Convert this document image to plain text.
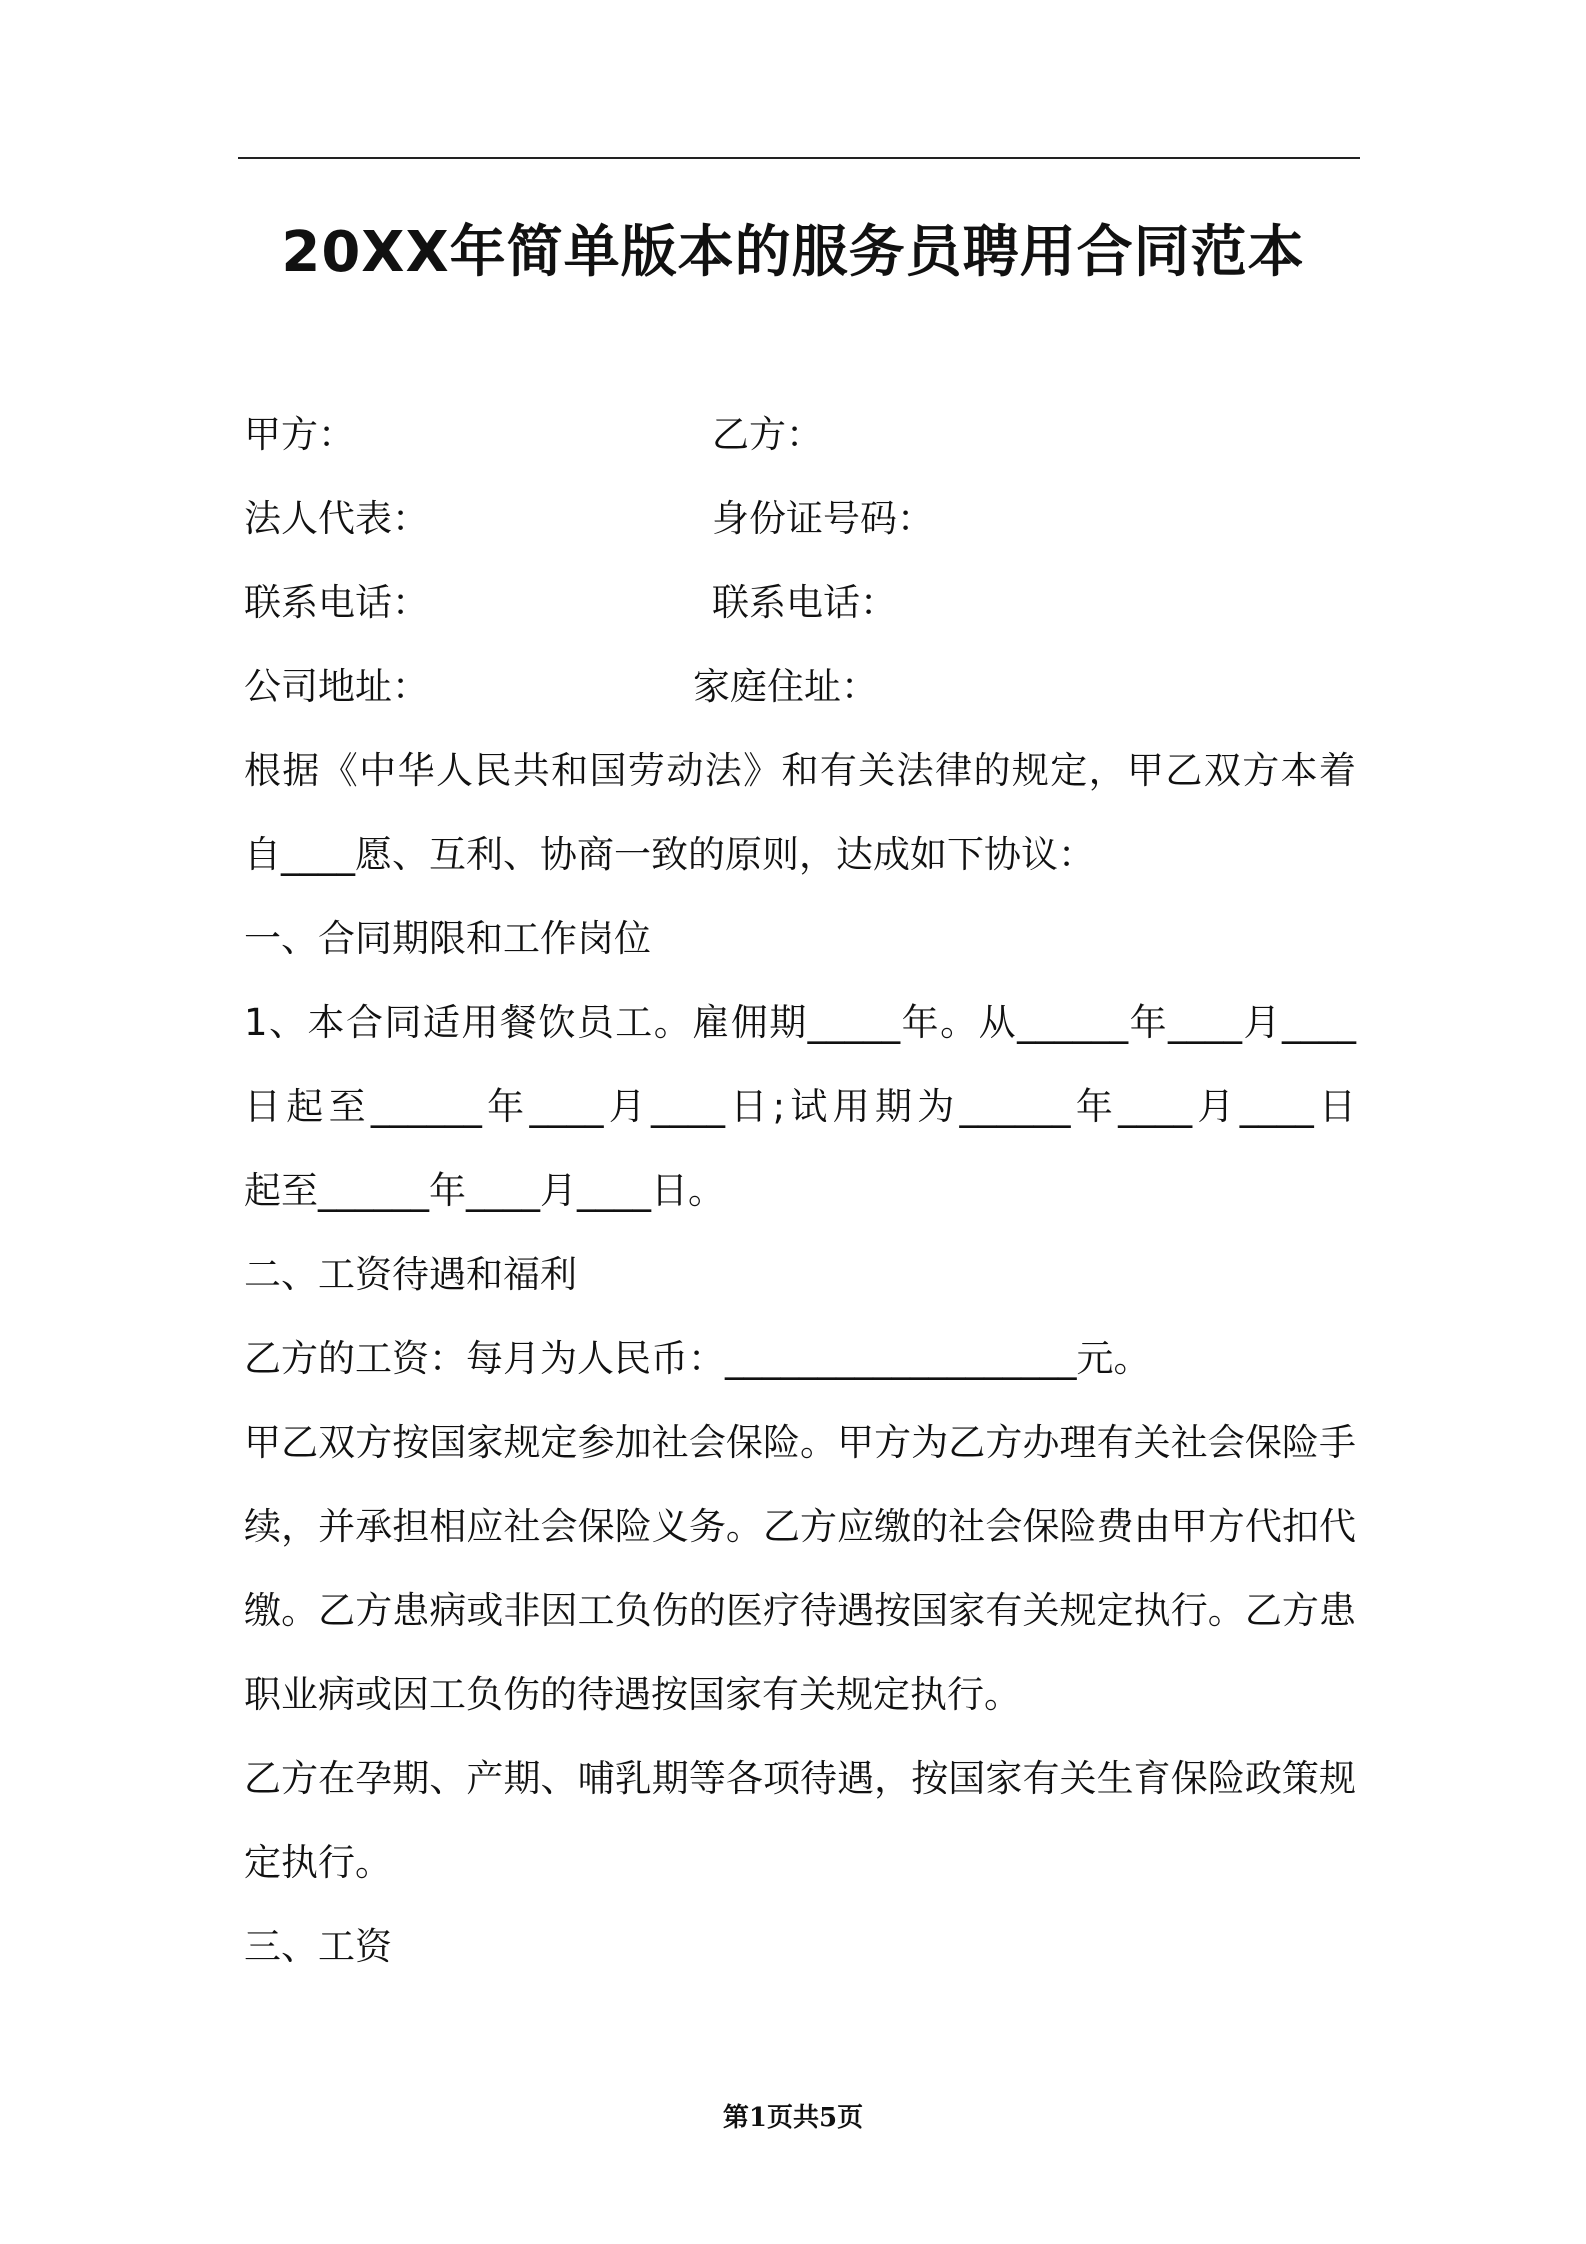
20XX年简单版本的服务员聘用合同范本
甲方：	乙方：
法人代表：	身份证号码：
联系电话：	联系电话：
公司地址：	家庭住址：
根据《中华人民共和国劳动法》和有关法律的规定，甲乙双方本着
自____愿、互利、协商一致的原则，达成如下协议：
一、合同期限和工作岗位
1、本合同适用餐饮员工。雇佣期_____年。从______年____月____
日起至______年____月____日;试用期为______年____月____日
起至______年____月____日。
二、工资待遇和福利
乙方的工资：每月为人民币：___________________元。
甲乙双方按国家规定参加社会保险。甲方为乙方办理有关社会保险手
续，并承担相应社会保险义务。乙方应缴的社会保险费由甲方代扣代
缴。乙方患病或非因工负伤的医疗待遇按国家有关规定执行。乙方患
职业病或因工负伤的待遇按国家有关规定执行。
乙方在孕期、产期、哺乳期等各项待遇，按国家有关生育保险政策规
定执行。
三、工资
第1页共5页
